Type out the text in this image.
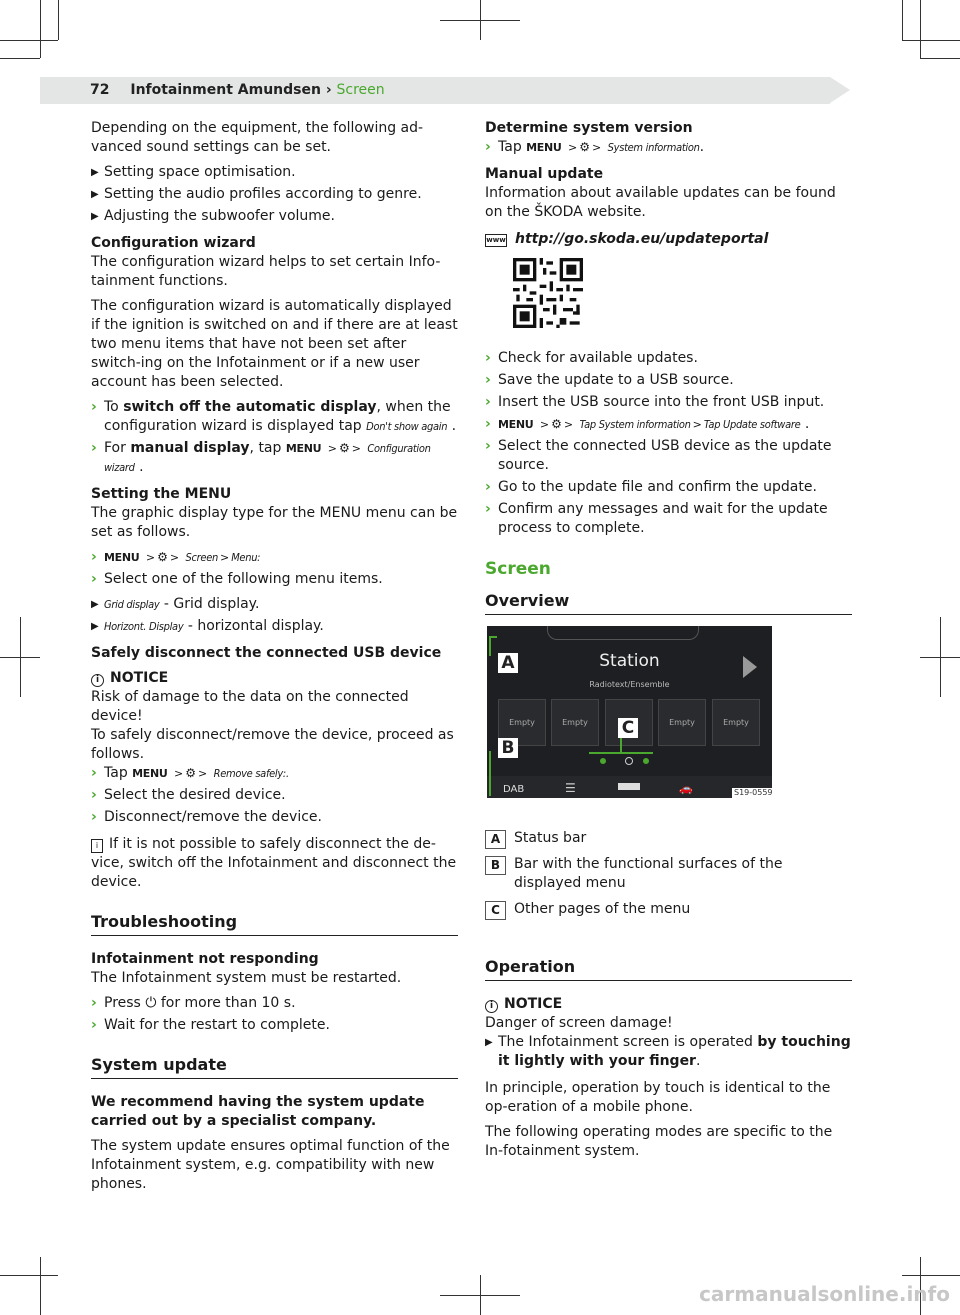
72 Infotainment Amundsen › Screen

Depending on the equipment, the following ad-vanced sound settings can be set.

▶ Setting space optimisation.
▶ Setting the audio profiles according to genre.
▶ Adjusting the subwoofer volume.
Configuration wizard

The configuration wizard helps to set certain Info-tainment functions.

The configuration wizard is automatically displayed if the ignition is switched on and if there are at least two menu items that have not been set after switch-ing on the Infotainment or if a new user account has been selected.

› To switch off the automatic display, when the configuration wizard is displayed tap Don't show again .
› For manual display, tap MENU > ⚙ > Configuration wizard .
Setting the MENU

The graphic display type for the MENU menu can be set as follows.

› MENU > ⚙ > Screen > Menu:
› Select one of the following menu items.
▶ Grid display - Grid display.
▶ Horizont. Display - horizontal display.
Safely disconnect the connected USB device
i NOTICE
Risk of damage to the data on the connected device!
To safely disconnect/remove the device, proceed as follows.
› Tap MENU > ⚙ > Remove safely:.
› Select the desired device.
› Disconnect/remove the device.

i If it is not possible to safely disconnect the de-vice, switch off the Infotainment and disconnect the device.

Troubleshooting
Infotainment not responding

The Infotainment system must be restarted.

› Press ⏻ for more than 10 s.
› Wait for the restart to complete.
System update

We recommend having the system update carried out by a specialist company.

The system update ensures optimal function of the Infotainment system, e.g. compatibility with new phones.

Determine system version
› Tap MENU > ⚙ > System information.
Manual update

Information about available updates can be found on the ŠKODA website.

www http://go.skoda.eu/updateportal

› Check for available updates.
› Save the update to a USB source.
› Insert the USB source into the front USB input.
› MENU > ⚙ > Tap System information > Tap Update software .
› Select the connected USB device as the update source.
› Go to the update file and confirm the update.
› Confirm any messages and wait for the update process to complete.
Screen
Overview
A Status bar
B Bar with the functional surfaces of the displayed menu
C	Other pages of the menu
Operation
i NOTICE
Danger of screen damage!
▶ The Infotainment screen is operated by touching it lightly with your finger.

In principle, operation by touch is identical to the op-eration of a mobile phone.

The following operating modes are specific to the In-fotainment system.

Station
Radiotext/Ensemble
Empty	Empty	Empty	Empty
DAB	☰	🚗
A
B
C
S19-0559
carmanualsonline.info
